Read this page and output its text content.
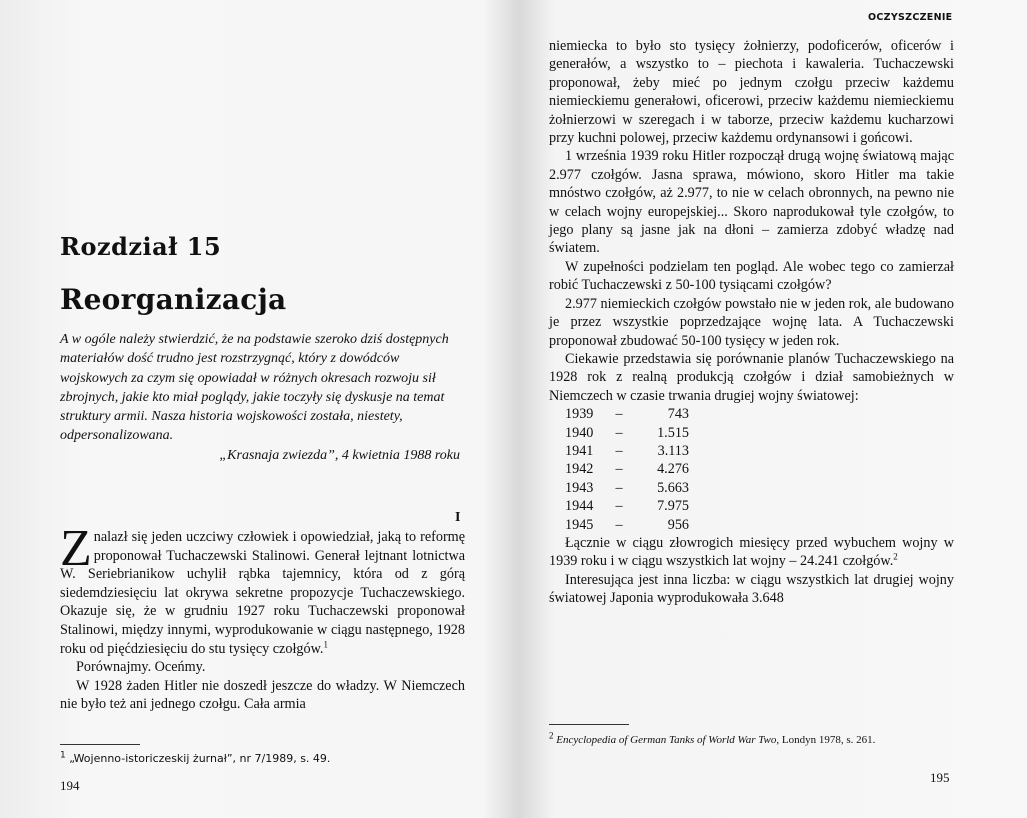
Rozdział 15
Reorganizacja

A w ogóle należy stwierdzić, że na podstawie szeroko dziś dostępnych materiałów dość trudno jest rozstrzygnąć, który z dowódców wojskowych za czym się opowiadał w różnych okresach rozwoju sił zbrojnych, jakie kto miał poglądy, jakie toczyły się dyskusje na temat struktury armii. Nasza historia wojskowości została, niestety, odpersonalizowana.

„Krasnaja zwiezda”, 4 kwietnia 1988 roku

I

Znalazł się jeden uczciwy człowiek i opowiedział, jaką to reformę proponował Tuchaczewski Stalinowi. Generał lejtnant lotnictwa W. Seriebrianikow uchylił rąbka tajemnicy, która od z górą siedemdziesięciu lat okrywa sekretne propozycje Tuchaczewskiego. Okazuje się, że w grudniu 1927 roku Tuchaczewski proponował Stalinowi, między innymi, wyprodukowanie w ciągu następnego, 1928 roku od pięćdziesięciu do stu tysięcy czołgów.$^1$

Porównajmy. Oceńmy.

W 1928 żaden Hitler nie doszedł jeszcze do władzy. W Niemczech nie było też ani jednego czołgu. Cała armia

$^1$ „Wojenno-istoriczeskij żurnał”, nr 7/1989, s. 49.
194
OCZYSZCZENIE

niemiecka to było sto tysięcy żołnierzy, podoficerów, oficerów i generałów, a wszystko to – piechota i kawaleria. Tuchaczewski proponował, żeby mieć po jednym czołgu przeciw każdemu niemieckiemu generałowi, oficerowi, przeciw każdemu niemieckiemu żołnierzowi w szeregach i w taborze, przeciw każdemu kucharzowi przy kuchni polowej, przeciw każdemu ordynansowi i gońcowi.

1 września 1939 roku Hitler rozpoczął drugą wojnę światową mając 2.977 czołgów. Jasna sprawa, mówiono, skoro Hitler ma takie mnóstwo czołgów, aż 2.977, to nie w celach obronnych, na pewno nie w celach wojny europejskiej... Skoro naprodukował tyle czołgów, to jego plany są jasne jak na dłoni – zamierza zdobyć władzę nad światem.

W zupełności podzielam ten pogląd. Ale wobec tego co zamierzał robić Tuchaczewski z 50-100 tysiącami czołgów?

2.977 niemieckich czołgów powstało nie w jeden rok, ale budowano je przez wszystkie poprzedzające wojnę lata. A Tuchaczewski proponował zbudować 50-100 tysięcy w jeden rok.

Ciekawie przedstawia się porównanie planów Tuchaczewskiego na 1928 rok z realną produkcją czołgów i dział samobieżnych w Niemczech w czasie trwania drugiej wojny światowej:

1939	–	743
1940	–	1.515
1941	–	3.113
1942	–	4.276
1943	–	5.663
1944	–	7.975
1945	–	956

Łącznie w ciągu złowrogich miesięcy przed wybuchem wojny w 1939 roku i w ciągu wszystkich lat wojny – 24.241 czołgów.$^2$

Interesująca jest inna liczba: w ciągu wszystkich lat drugiej wojny światowej Japonia wyprodukowała 3.648

$^2$ Encyclopedia of German Tanks of World War Two, Londyn 1978, s. 261.
195
